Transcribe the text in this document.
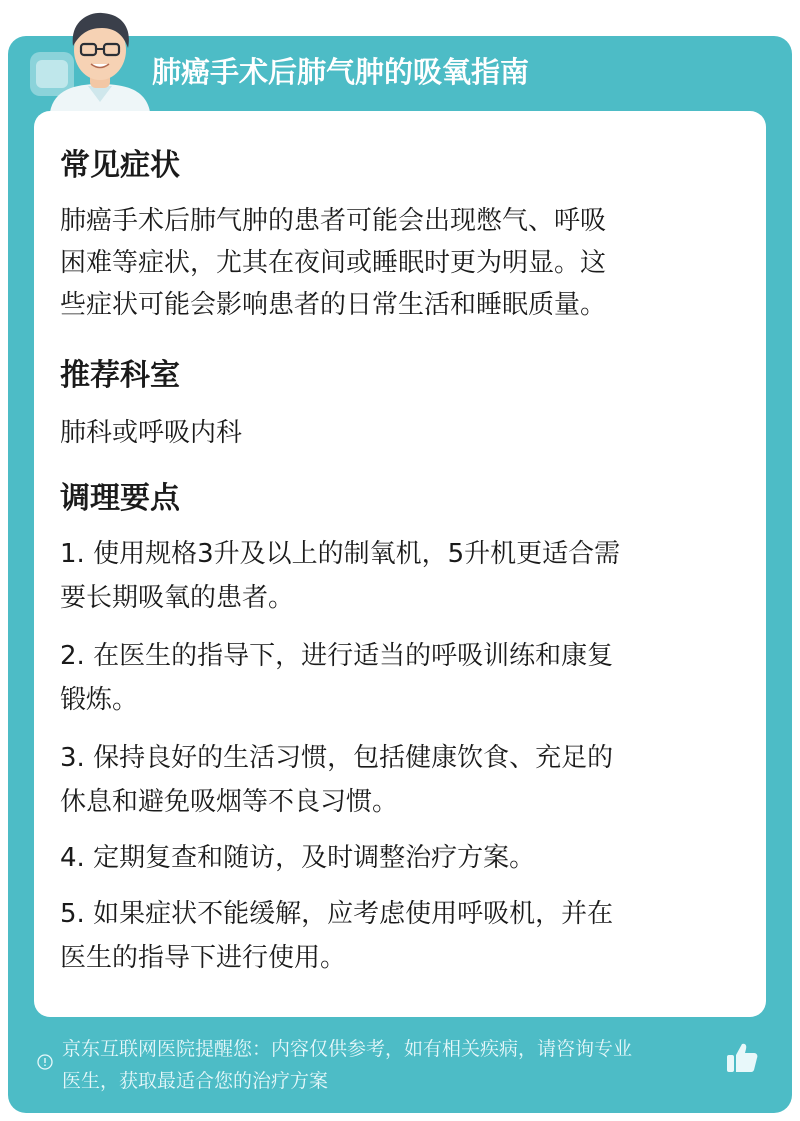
肺癌手术后肺气肿的吸氧指南
常见症状
肺癌手术后肺气肿的患者可能会出现憋气、呼吸
困难等症状，尤其在夜间或睡眠时更为明显。这
些症状可能会影响患者的日常生活和睡眠质量。
推荐科室
肺科或呼吸内科
调理要点
1. 使用规格3升及以上的制氧机，5升机更适合需
要长期吸氧的患者。
2. 在医生的指导下，进行适当的呼吸训练和康复
锻炼。
3. 保持良好的生活习惯，包括健康饮食、充足的
休息和避免吸烟等不良习惯。
4. 定期复查和随访，及时调整治疗方案。
5. 如果症状不能缓解，应考虑使用呼吸机，并在
医生的指导下进行使用。
京东互联网医院提醒您：内容仅供参考，如有相关疾病，请咨询专业
医生，获取最适合您的治疗方案
